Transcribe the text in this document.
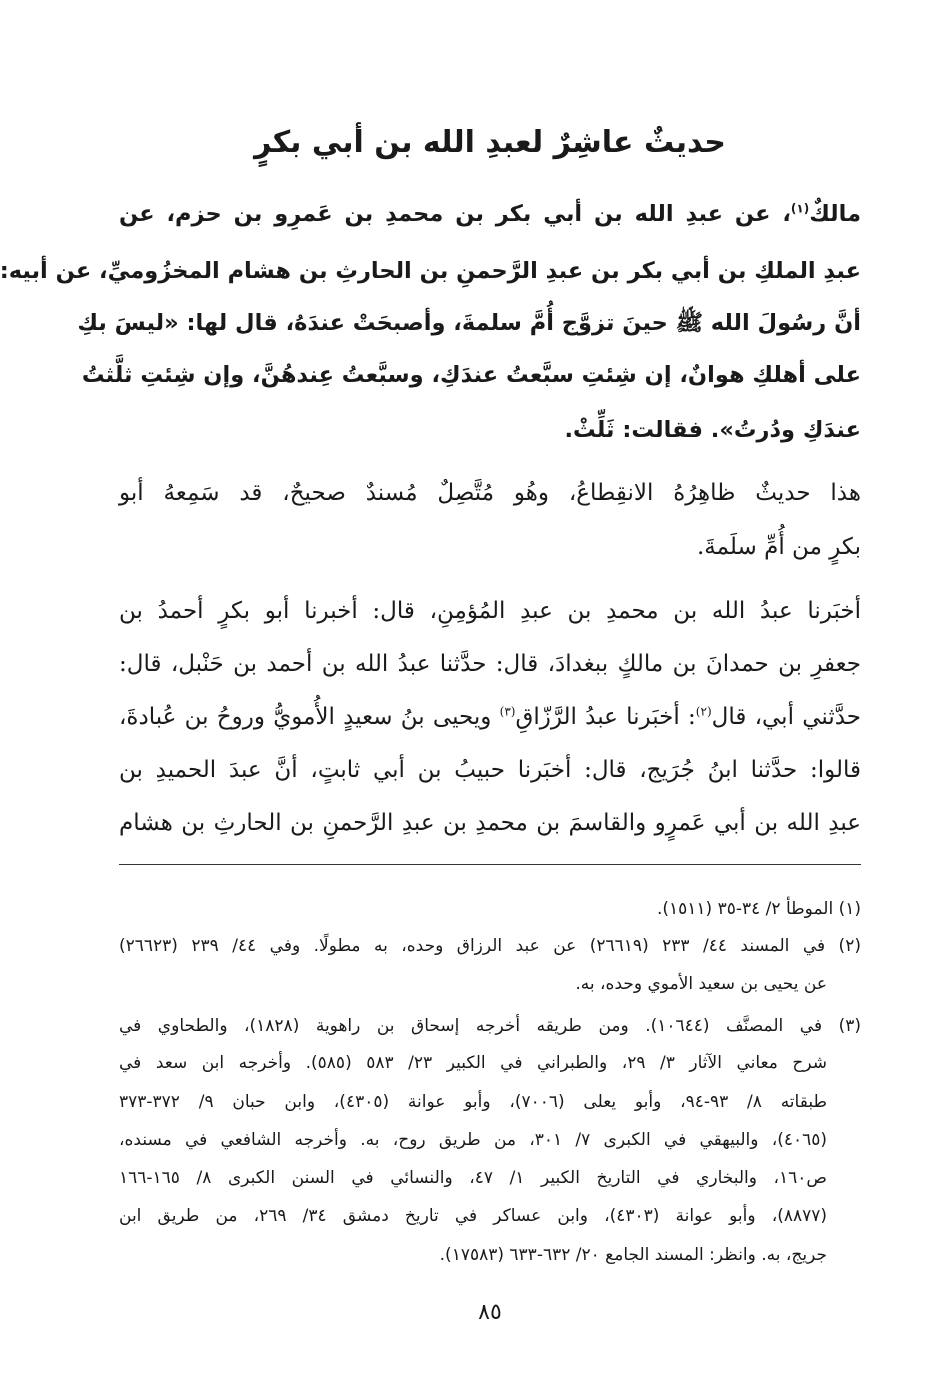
حديثٌ عاشِرٌ لعبدِ الله بن أبي بكرٍ
مالكٌ$^{(١)}$، عن عبدِ الله بن أبي بكر بن محمدِ بن عَمرِو بن حزم، عن
عبدِ الملكِ بن أبي بكر بن عبدِ الرَّحمنِ بن الحارثِ بن هشام المخزُوميِّ، عن أبيه:
أنَّ رسُولَ الله ﷺ حينَ تزوَّج أُمَّ سلمةَ، وأصبحَتْ عندَهُ، قال لها: «ليسَ بكِ
على أهلكِ هوانٌ، إن شِئتِ سبَّعتُ عندَكِ، وسبَّعتُ عِندهُنَّ، وإن شِئتِ ثلَّثتُ
عندَكِ ودُرتُ». فقالت: ثَلِّثْ.
هذا حديثٌ ظاهِرُهُ الانقِطاعُ، وهُو مُتَّصِلٌ مُسندٌ صحيحٌ، قد سَمِعهُ أبو
بكرٍ من أُمِّ سلَمةَ.
أخبَرنا عبدُ الله بن محمدِ بن عبدِ المُؤمِنِ، قال: أخبرنا أبو بكرٍ أحمدُ بن
جعفرِ بن حمدانَ بن مالكٍ ببغدادَ، قال: حدَّثنا عبدُ الله بن أحمد بن حَنْبل، قال:
حدَّثني أبي، قال$^{(٢)}$: أخبَرنا عبدُ الرَّزّاقِ$^{(٣)}$ ويحيى بنُ سعيدٍ الأُمويُّ وروحُ بن عُبادةَ،
قالوا: حدَّثنا ابنُ جُرَيج، قال: أخبَرنا حبيبُ بن أبي ثابتٍ، أنَّ عبدَ الحميدِ بن
عبدِ الله بن أبي عَمرٍو والقاسمَ بن محمدِ بن عبدِ الرَّحمنِ بن الحارثِ بن هشام
(١) الموطأ ٢/ ٣٤-٣٥ (١٥١١).
(٢) في المسند ٤٤/ ٢٣٣ (٢٦٦١٩) عن عبد الرزاق وحده، به مطولًا. وفي ٤٤/ ٢٣٩ (٢٦٦٢٣)
عن يحيى بن سعيد الأموي وحده، به.
(٣) في المصنَّف (١٠٦٤٤). ومن طريقه أخرجه إسحاق بن راهوية (١٨٢٨)، والطحاوي في
شرح معاني الآثار ٣/ ٢٩، والطبراني في الكبير ٢٣/ ٥٨٣ (٥٨٥). وأخرجه ابن سعد في
طبقاته ٨/ ٩٣-٩٤، وأبو يعلى (٧٠٠٦)، وأبو عوانة (٤٣٠٥)، وابن حبان ٩/ ٣٧٢-٣٧٣
(٤٠٦٥)، والبيهقي في الكبرى ٧/ ٣٠١، من طريق روح، به. وأخرجه الشافعي في مسنده،
ص١٦٠، والبخاري في التاريخ الكبير ١/ ٤٧، والنسائي في السنن الكبرى ٨/ ١٦٥-١٦٦
(٨٨٧٧)، وأبو عوانة (٤٣٠٣)، وابن عساكر في تاريخ دمشق ٣٤/ ٢٦٩، من طريق ابن
جريج، به. وانظر: المسند الجامع ٢٠/ ٦٣٢-٦٣٣ (١٧٥٨٣).
٨٥
